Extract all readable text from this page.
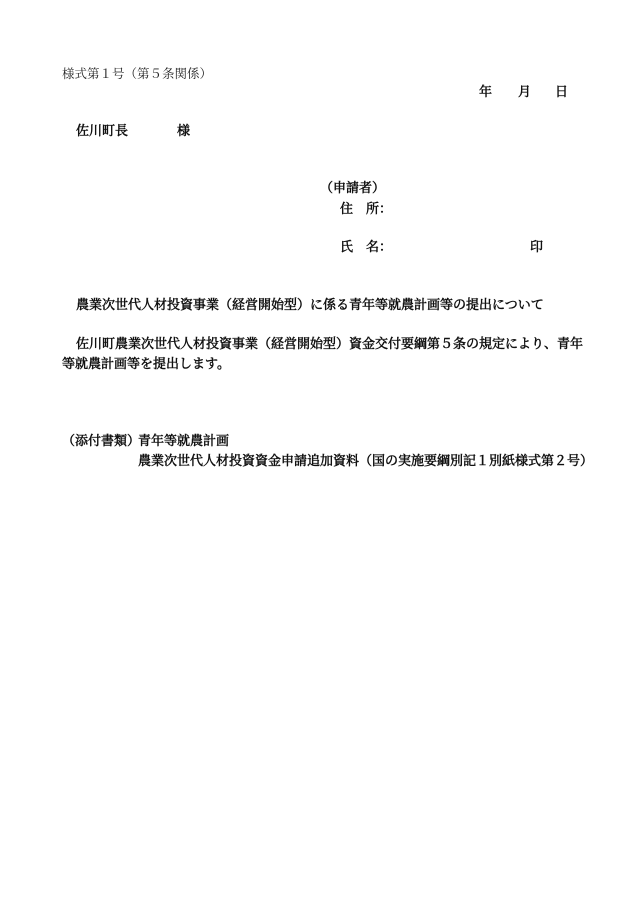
様式第１号（第５条関係）
年 月 日
佐川町長	様
（申請者）
住　所：
氏　名：	印
農業次世代人材投資事業（経営開始型）に係る青年等就農計画等の提出について
佐川町農業次世代人材投資事業（経営開始型）資金交付要綱第５条の規定により、青年
等就農計画等を提出します。
（添付書類）
青年等就農計画
農業次世代人材投資資金申請追加資料（国の実施要綱別記１別紙様式第２号）
